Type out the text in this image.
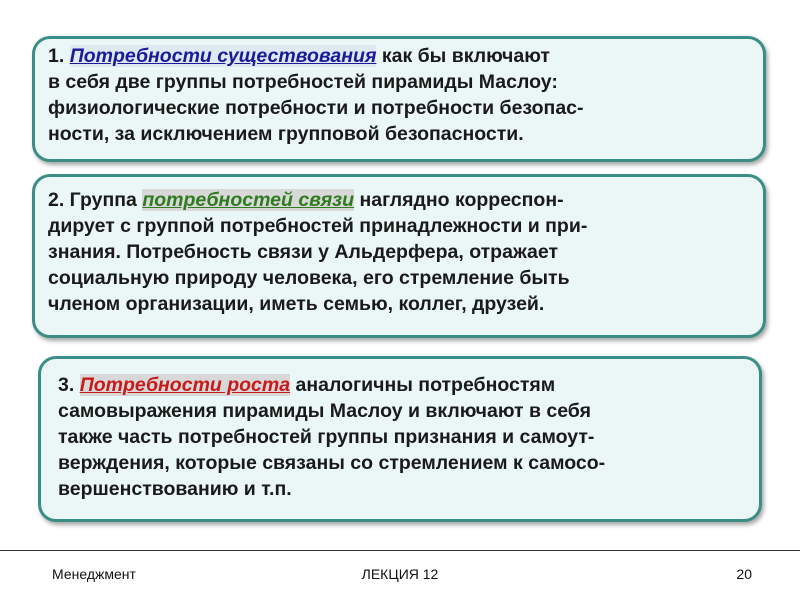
1. Потребности существования как бы включают
в себя две группы потребностей пирамиды Маслоу:
физиологические потребности и потребности безопас-
ности, за исключением групповой безопасности.
2. Группа потребностей связи наглядно корреспон-
дирует с группой потребностей принадлежности и при-
знания. Потребность связи у Альдерфера, отражает
социальную природу человека, его стремление быть
членом организации, иметь семью, коллег, друзей.
3. Потребности роста аналогичны потребностям
самовыражения пирамиды Маслоу и включают в себя
также часть потребностей группы признания и самоут-
верждения, которые связаны со стремлением к самосо-
вершенствованию и т.п.
Менеджмент	ЛЕКЦИЯ 12	20
